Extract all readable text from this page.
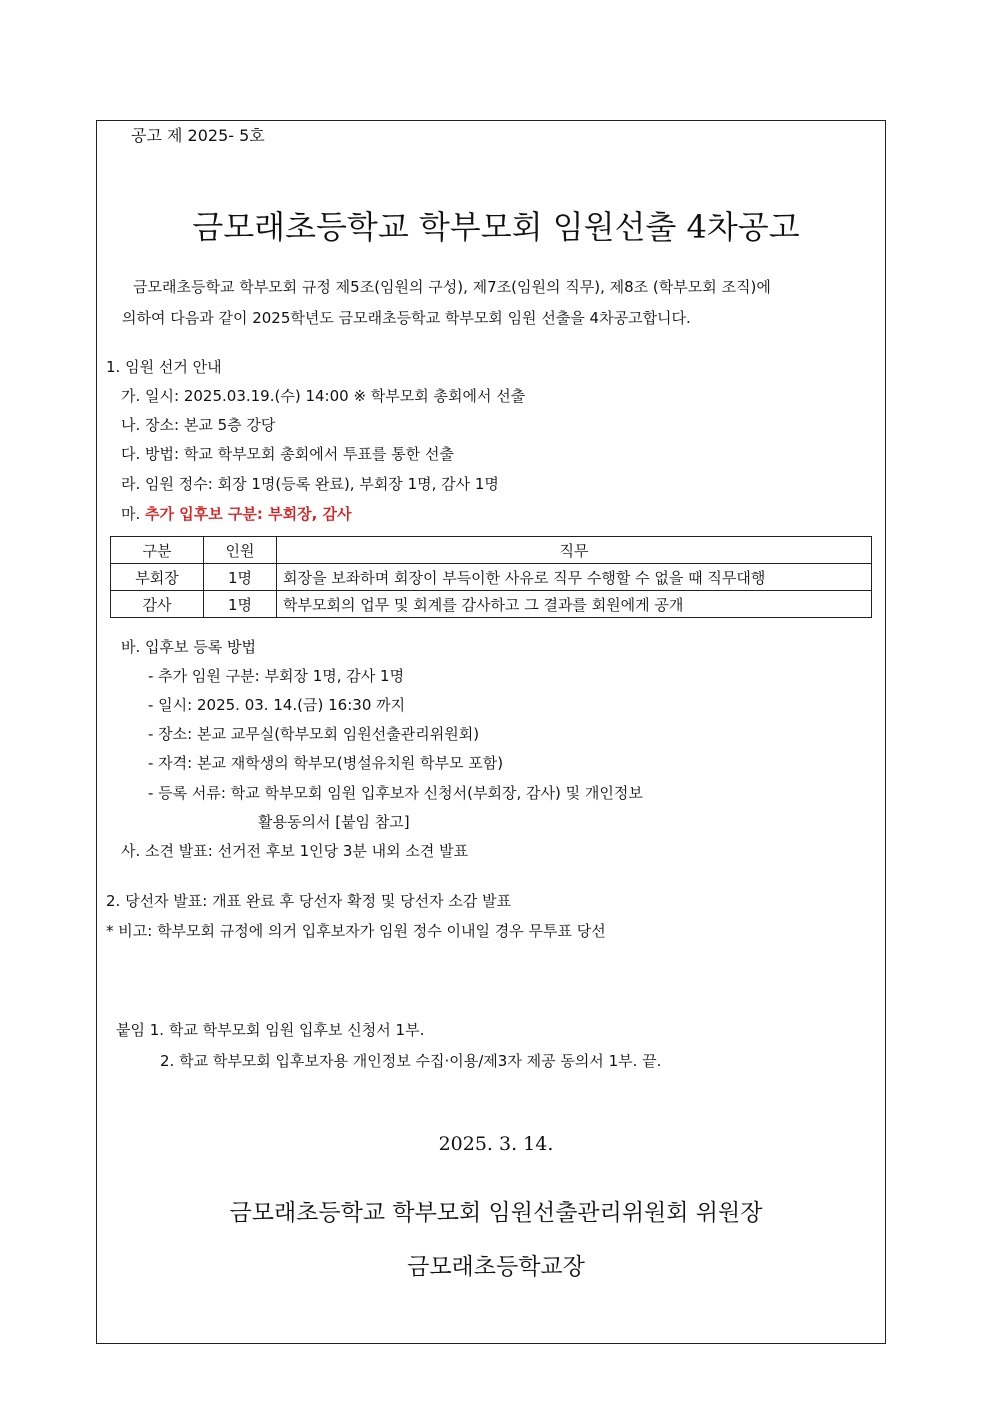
공고 제 2025- 5호
금모래초등학교 학부모회 임원선출 4차공고
금모래초등학교 학부모회 규정 제5조(임원의 구성), 제7조(임원의 직무), 제8조 (학부모회 조직)에
의하여 다음과 같이 2025학년도 금모래초등학교 학부모회 임원 선출을 4차공고합니다.
1. 임원 선거 안내
가. 일시: 2025.03.19.(수) 14:00 ※ 학부모회 총회에서 선출
나. 장소: 본교 5층 강당
다. 방법: 학교 학부모회 총회에서 투표를 통한 선출
라. 임원 정수: 회장 1명(등록 완료), 부회장 1명, 감사 1명
마. 추가 입후보 구분: 부회장, 감사
구분	인원	직무
부회장	1명	회장을 보좌하며 회장이 부득이한 사유로 직무 수행할 수 없을 때 직무대행
감사	1명	학부모회의 업무 및 회계를 감사하고 그 결과를 회원에게 공개
바. 입후보 등록 방법
- 추가 임원 구분: 부회장 1명, 감사 1명
- 일시: 2025. 03. 14.(금) 16:30 까지
- 장소: 본교 교무실(학부모회 임원선출관리위원회)
- 자격: 본교 재학생의 학부모(병설유치원 학부모 포함)
- 등록 서류: 학교 학부모회 임원 입후보자 신청서(부회장, 감사) 및 개인정보
활용동의서 [붙임 참고]
사. 소견 발표: 선거전 후보 1인당 3분 내외 소견 발표
2. 당선자 발표: 개표 완료 후 당선자 확정 및 당선자 소감 발표
* 비고: 학부모회 규정에 의거 입후보자가 임원 정수 이내일 경우 무투표 당선
붙임 1. 학교 학부모회 임원 입후보 신청서 1부.
2. 학교 학부모회 입후보자용 개인정보 수집·이용/제3자 제공 동의서 1부. 끝.
2025. 3. 14.
금모래초등학교 학부모회 임원선출관리위원회 위원장
금모래초등학교장
